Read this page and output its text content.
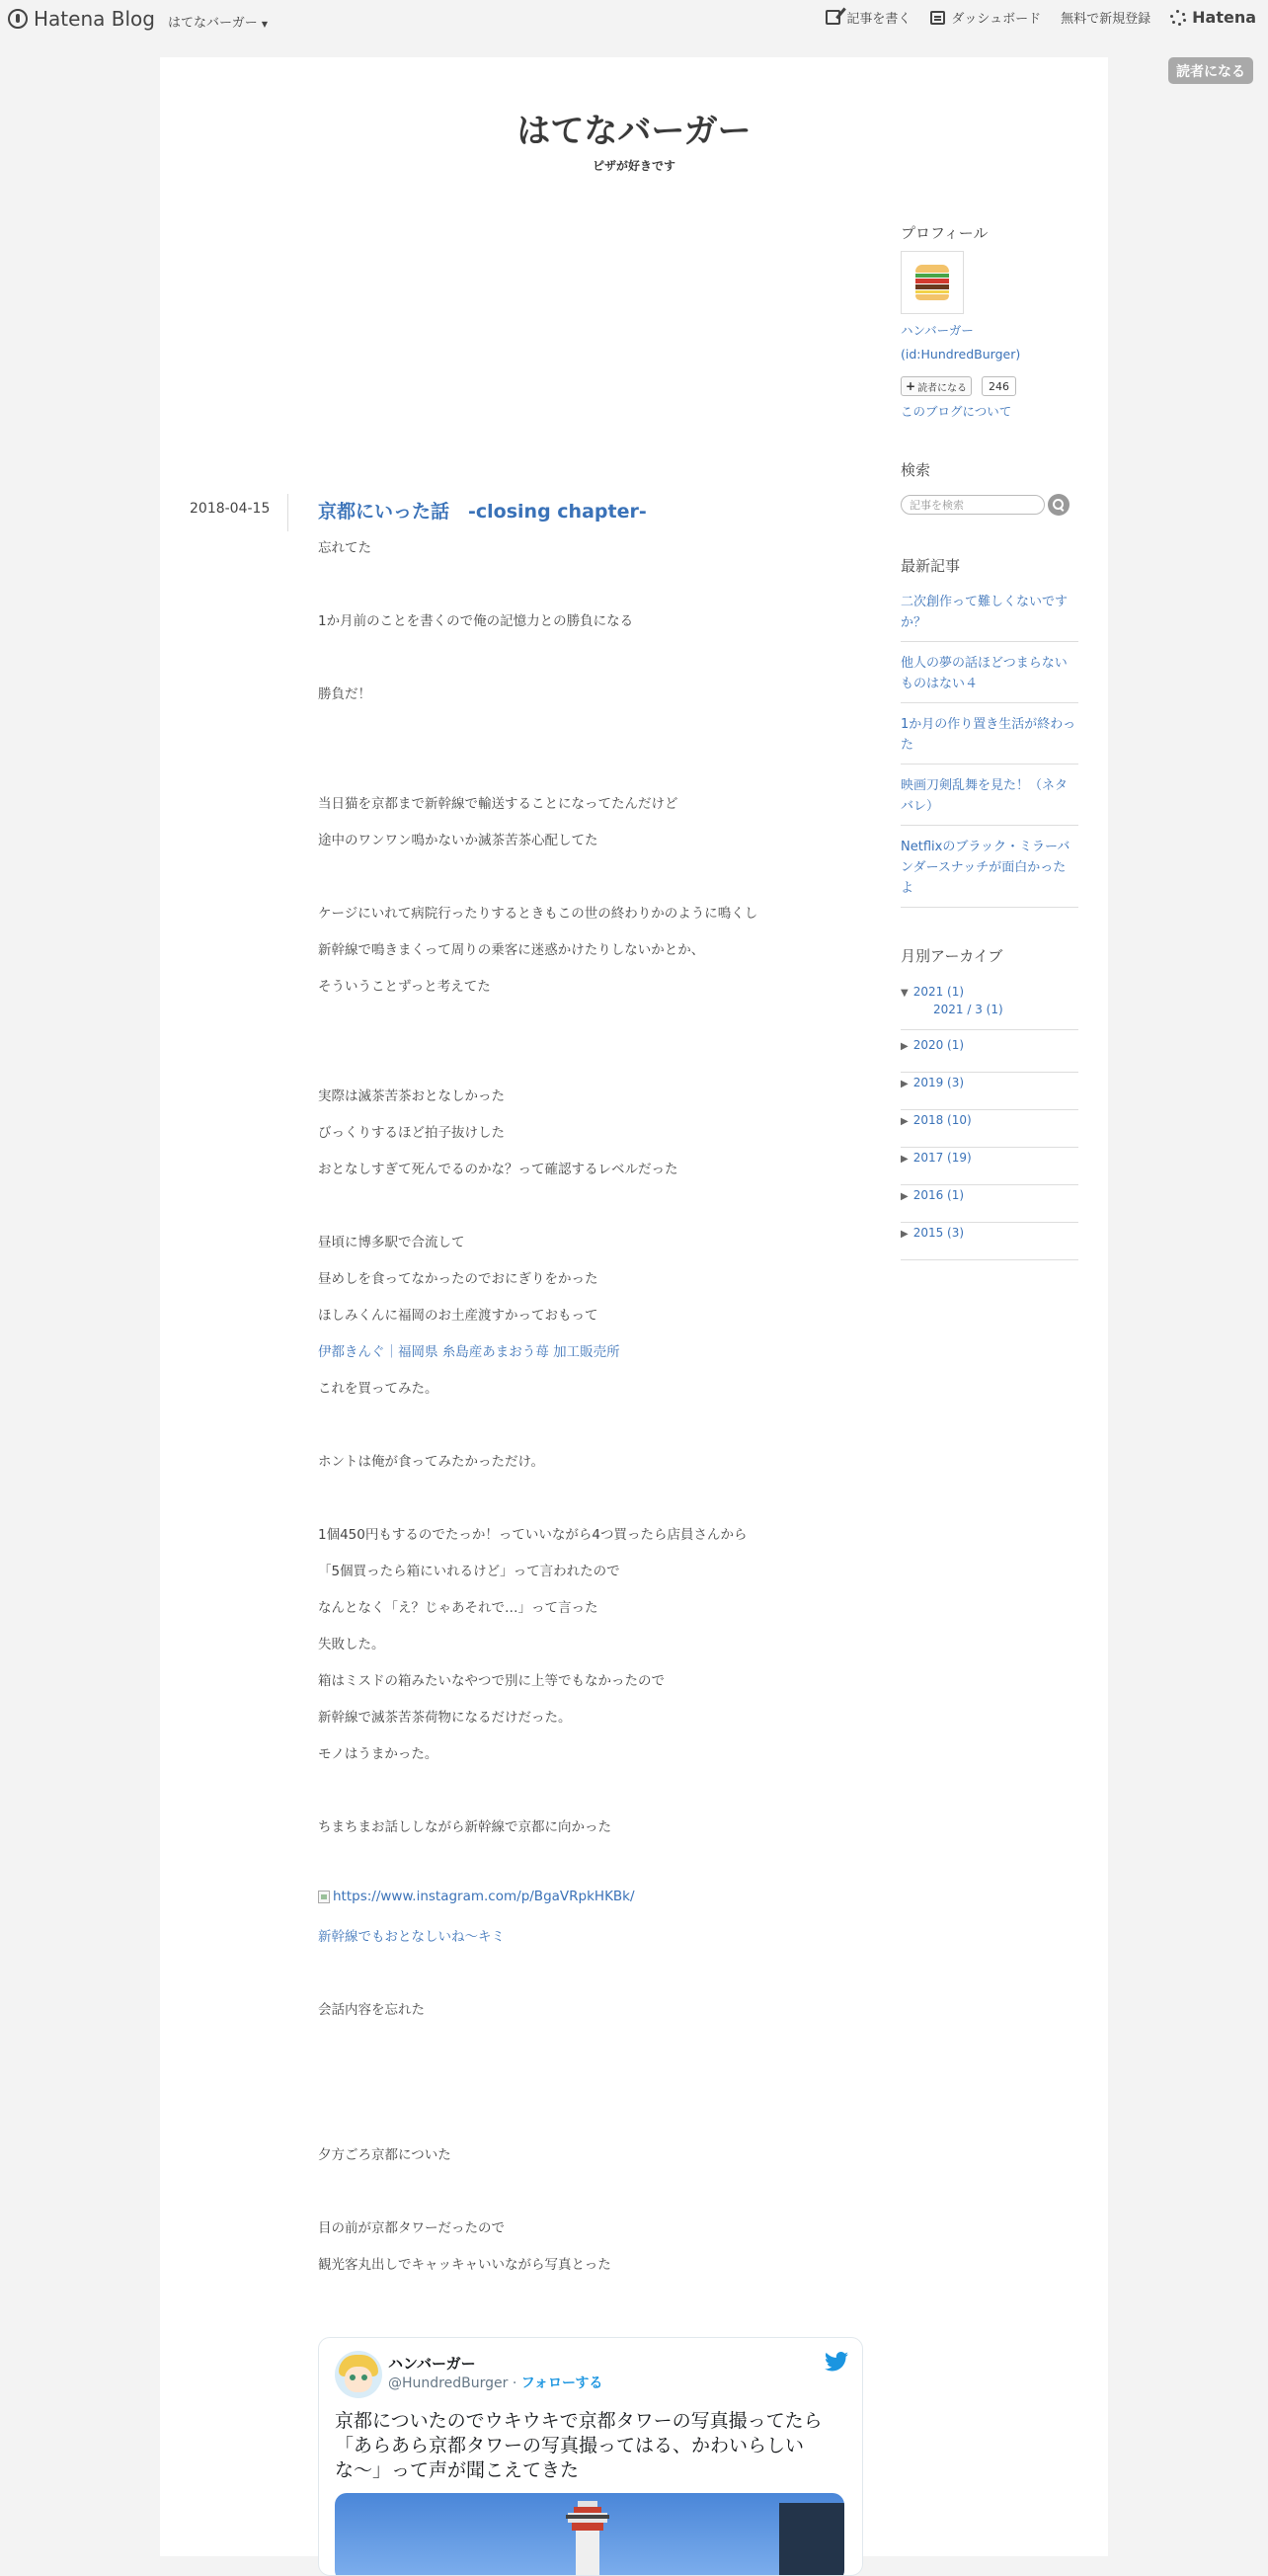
Hatena Blog はてなバーガー ▼	記事を書く	ダッシュボード 無料で新規登録	Hatena
読者になる
はてなバーガー
ピザが好きです
2018-04-15	京都にいった話　-closing chapter-
忘れてた
1か月前のことを書くので俺の記憶力との勝負になる
勝負だ！
当日猫を京都まで新幹線で輸送することになってたんだけど
途中のワンワン鳴かないか滅茶苦茶心配してた
ケージにいれて病院行ったりするときもこの世の終わりかのように鳴くし
新幹線で鳴きまくって周りの乗客に迷惑かけたりしないかとか、
そういうことずっと考えてた
実際は滅茶苦茶おとなしかった
びっくりするほど拍子抜けした
おとなしすぎて死んでるのかな？って確認するレベルだった
昼頃に博多駅で合流して
昼めしを食ってなかったのでおにぎりをかった
ほしみくんに福岡のお土産渡すかっておもって
伊都きんぐ｜福岡県 糸島産あまおう苺 加工販売所
これを買ってみた。
ホントは俺が食ってみたかっただけ。
1個450円もするのでたっか！っていいながら4つ買ったら店員さんから
「5個買ったら箱にいれるけど」って言われたので
なんとなく「え？じゃあそれで…」って言った
失敗した。
箱はミスドの箱みたいなやつで別に上等でもなかったので
新幹線で滅茶苦茶荷物になるだけだった。
モノはうまかった。
ちまちまお話ししながら新幹線で京都に向かった
https://www.instagram.com/p/BgaVRpkHKBk/
新幹線でもおとなしいね〜キミ
会話内容を忘れた
夕方ごろ京都についた
目の前が京都タワーだったので
観光客丸出しでキャッキャいいながら写真とった
ハンバーガー
@HundredBurger · フォローする
京都についたのでウキウキで京都タワーの写真撮ってたら「あらあら京都タワーの写真撮ってはる、かわいらしいな〜」って声が聞こえてきた
プロフィール
ハンバーガー
(id:HundredBurger)
+ 読者になる	246
このブログについて
検索
記事を検索
最新記事
二次創作って難しくないですか？
他人の夢の話ほどつまらないものはない４
1か月の作り置き生活が終わった
映画刀剣乱舞を見た！（ネタバレ）
Netflixのブラック・ミラーバンダースナッチが面白かったよ
月別アーカイブ
▼ 2021 (1)
2021 / 3 (1)
▶ 2020 (1)
▶ 2019 (3)
▶ 2018 (10)
▶ 2017 (19)
▶ 2016 (1)
▶ 2015 (3)
